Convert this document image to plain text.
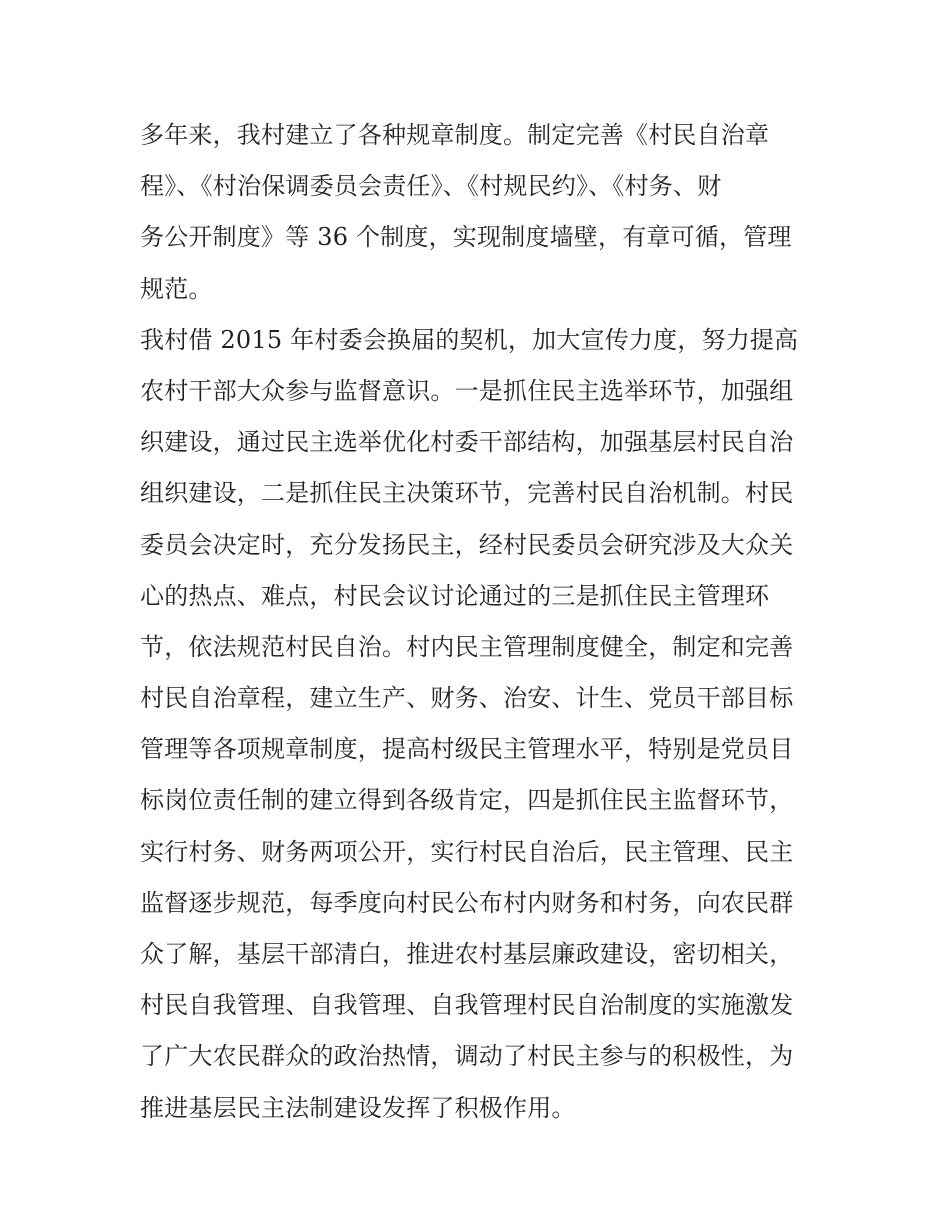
多年来，我村建立了各种规章制度。制定完善《村民自治章
程》、《村治保调委员会责任》、《村规民约》、《村务、财
务公开制度》等 36 个制度，实现制度墙壁，有章可循，管理
规范。
我村借 2015 年村委会换届的契机，加大宣传力度，努力提高
农村干部大众参与监督意识。一是抓住民主选举环节，加强组
织建设，通过民主选举优化村委干部结构，加强基层村民自治
组织建设，二是抓住民主决策环节，完善村民自治机制。村民
委员会决定时，充分发扬民主，经村民委员会研究涉及大众关
心的热点、难点，村民会议讨论通过的三是抓住民主管理环
节，依法规范村民自治。村内民主管理制度健全，制定和完善
村民自治章程，建立生产、财务、治安、计生、党员干部目标
管理等各项规章制度，提高村级民主管理水平，特别是党员目
标岗位责任制的建立得到各级肯定，四是抓住民主监督环节，
实行村务、财务两项公开，实行村民自治后，民主管理、民主
监督逐步规范，每季度向村民公布村内财务和村务，向农民群
众了解，基层干部清白，推进农村基层廉政建设，密切相关，
村民自我管理、自我管理、自我管理村民自治制度的实施激发
了广大农民群众的政治热情，调动了村民主参与的积极性，为
推进基层民主法制建设发挥了积极作用。
